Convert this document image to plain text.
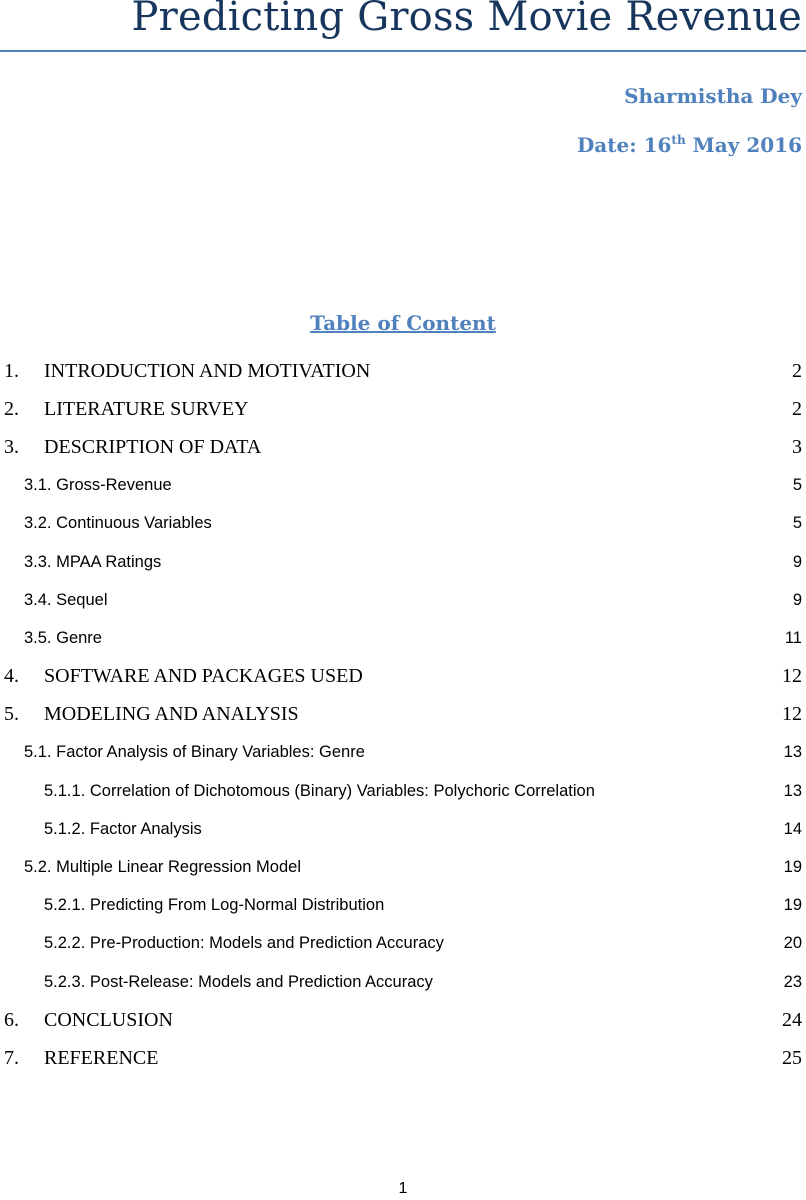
Predicting Gross Movie Revenue
Sharmistha Dey
Date: 16th May 2016
Table of Content
1. INTRODUCTION AND MOTIVATION	2
2. LITERATURE SURVEY	2
3. DESCRIPTION OF DATA	3
3.1. Gross-Revenue	5
3.2. Continuous Variables	5
3.3. MPAA Ratings	9
3.4. Sequel	9
3.5. Genre	11
4. SOFTWARE AND PACKAGES USED	12
5. MODELING AND ANALYSIS	12
5.1. Factor Analysis of Binary Variables: Genre	13
5.1.1. Correlation of Dichotomous (Binary) Variables: Polychoric Correlation	13
5.1.2. Factor Analysis	14
5.2. Multiple Linear Regression Model	19
5.2.1. Predicting From Log-Normal Distribution	19
5.2.2. Pre-Production: Models and Prediction Accuracy	20
5.2.3. Post-Release: Models and Prediction Accuracy	23
6. CONCLUSION	24
7. REFERENCE	25
1
